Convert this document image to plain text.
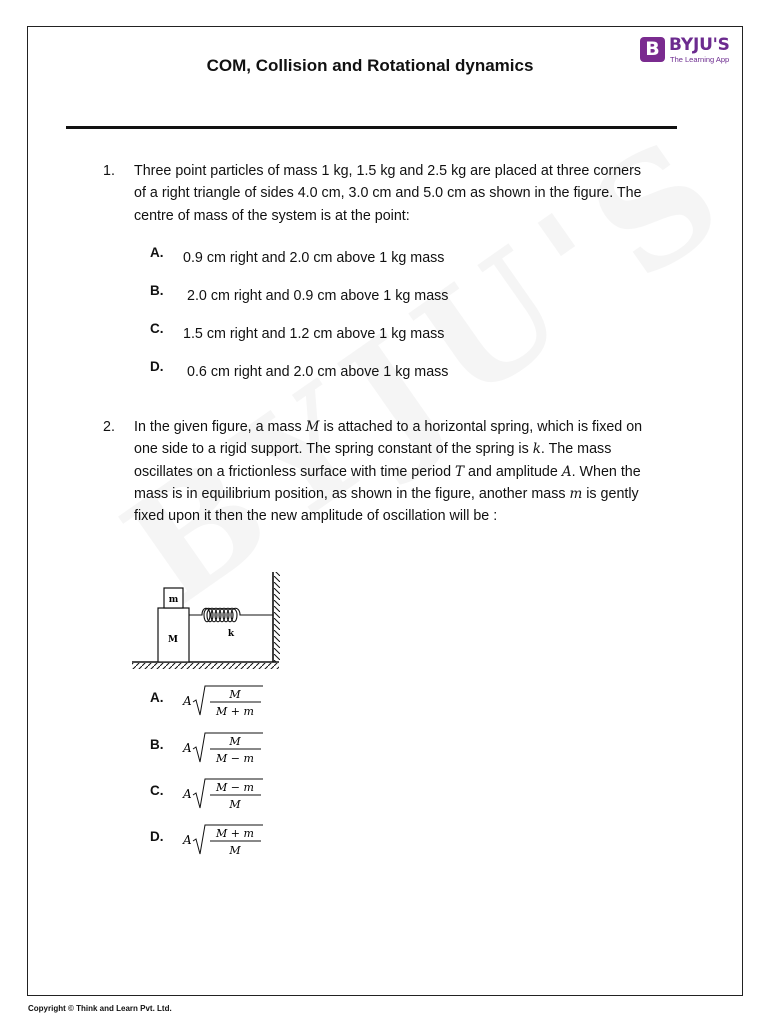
B BYJU'S
The Learning App
COM, Collision and Rotational dynamics
1. Three point particles of mass 1 kg, 1.5 kg and 2.5 kg are placed at three corners of a right triangle of sides 4.0 cm, 3.0 cm and 5.0 cm as shown in the figure. The centre of mass of the system is at the point:
A. 0.9 cm right and 2.0 cm above 1 kg mass
B. 2.0 cm right and 0.9 cm above 1 kg mass
C. 1.5 cm right and 1.2 cm above 1 kg mass
D. 0.6 cm right and 2.0 cm above 1 kg mass
2. In the given figure, a mass M is attached to a horizontal spring, which is fixed on one side to a rigid support. The spring constant of the spring is k. The mass oscillates on a frictionless surface with time period T and amplitude A. When the mass is in equilibrium position, as shown in the figure, another mass m is gently fixed upon it then the new amplitude of oscillation will be :
M
m
k
A. A	M
M + m
B. A	M
M − m
C. A M − m
M
D. A M + m
M
Copyright © Think and Learn Pvt. Ltd.
